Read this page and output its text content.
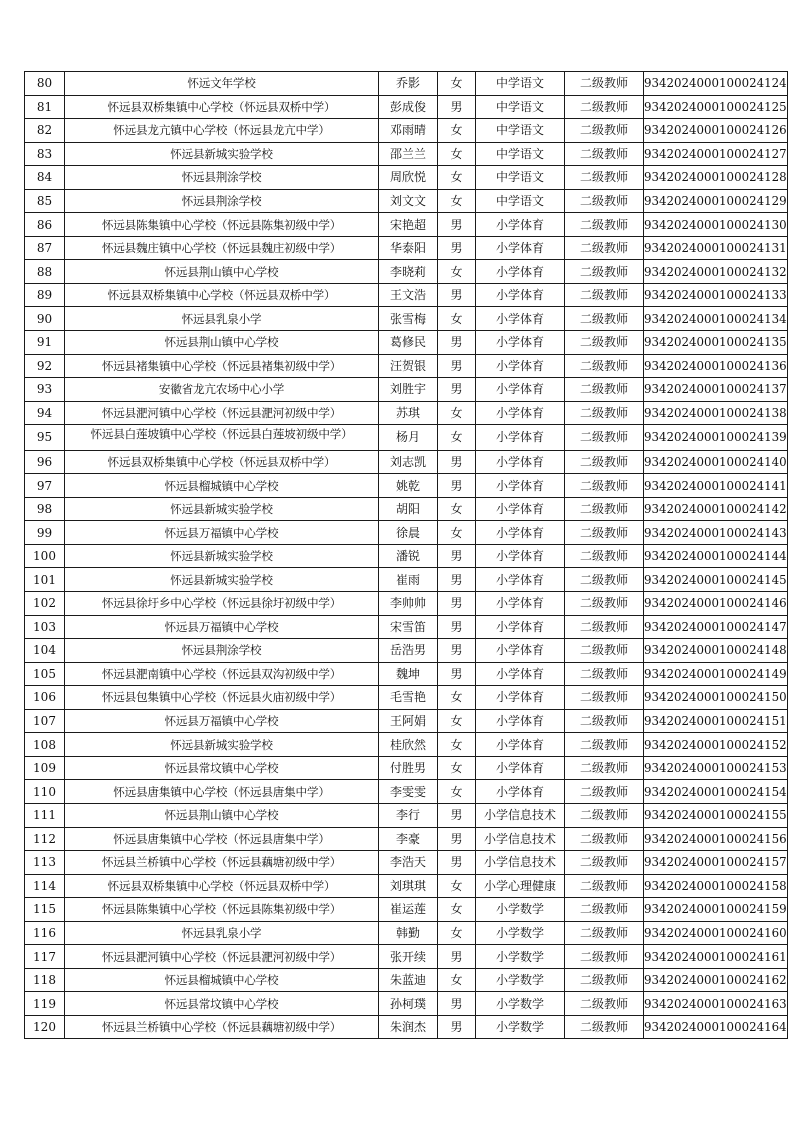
80	怀远文年学校	乔影	女	中学语文	二级教师	9342024000100024124
81	怀远县双桥集镇中心学校（怀远县双桥中学）	彭成俊	男	中学语文	二级教师	9342024000100024125
82	怀远县龙亢镇中心学校（怀远县龙亢中学）	邓雨晴	女	中学语文	二级教师	9342024000100024126
83	怀远县新城实验学校	邵兰兰	女	中学语文	二级教师	9342024000100024127
84	怀远县荆涂学校	周欣悦	女	中学语文	二级教师	9342024000100024128
85	怀远县荆涂学校	刘文文	女	中学语文	二级教师	9342024000100024129
86	怀远县陈集镇中心学校（怀远县陈集初级中学）	宋艳超	男	小学体育	二级教师	9342024000100024130
87	怀远县魏庄镇中心学校（怀远县魏庄初级中学）	华泰阳	男	小学体育	二级教师	9342024000100024131
88	怀远县荆山镇中心学校	李晓莉	女	小学体育	二级教师	9342024000100024132
89	怀远县双桥集镇中心学校（怀远县双桥中学）	王文浩	男	小学体育	二级教师	9342024000100024133
90	怀远县乳泉小学	张雪梅	女	小学体育	二级教师	9342024000100024134
91	怀远县荆山镇中心学校	葛修民	男	小学体育	二级教师	9342024000100024135
92	怀远县褚集镇中心学校（怀远县褚集初级中学）	汪贺银	男	小学体育	二级教师	9342024000100024136
93	安徽省龙亢农场中心小学	刘胜宇	男	小学体育	二级教师	9342024000100024137
94	怀远县淝河镇中心学校（怀远县淝河初级中学）	苏琪	女	小学体育	二级教师	9342024000100024138
95	怀远县白莲坡镇中心学校（怀远县白莲坡初级中学）	杨月	女	小学体育	二级教师	9342024000100024139
96	怀远县双桥集镇中心学校（怀远县双桥中学）	刘志凯	男	小学体育	二级教师	9342024000100024140
97	怀远县榴城镇中心学校	姚乾	男	小学体育	二级教师	9342024000100024141
98	怀远县新城实验学校	胡阳	女	小学体育	二级教师	9342024000100024142
99	怀远县万福镇中心学校	徐晨	女	小学体育	二级教师	9342024000100024143
100	怀远县新城实验学校	潘锐	男	小学体育	二级教师	9342024000100024144
101	怀远县新城实验学校	崔雨	男	小学体育	二级教师	9342024000100024145
102	怀远县徐圩乡中心学校（怀远县徐圩初级中学）	李帅帅	男	小学体育	二级教师	9342024000100024146
103	怀远县万福镇中心学校	宋雪笛	男	小学体育	二级教师	9342024000100024147
104	怀远县荆涂学校	岳浩男	男	小学体育	二级教师	9342024000100024148
105	怀远县淝南镇中心学校（怀远县双沟初级中学）	魏坤	男	小学体育	二级教师	9342024000100024149
106	怀远县包集镇中心学校（怀远县火庙初级中学）	毛雪艳	女	小学体育	二级教师	9342024000100024150
107	怀远县万福镇中心学校	王阿娟	女	小学体育	二级教师	9342024000100024151
108	怀远县新城实验学校	桂欣然	女	小学体育	二级教师	9342024000100024152
109	怀远县常坟镇中心学校	付胜男	女	小学体育	二级教师	9342024000100024153
110	怀远县唐集镇中心学校（怀远县唐集中学）	李雯雯	女	小学体育	二级教师	9342024000100024154
111	怀远县荆山镇中心学校	李行	男	小学信息技术	二级教师	9342024000100024155
112	怀远县唐集镇中心学校（怀远县唐集中学）	李豪	男	小学信息技术	二级教师	9342024000100024156
113	怀远县兰桥镇中心学校（怀远县藕塘初级中学）	李浩天	男	小学信息技术	二级教师	9342024000100024157
114	怀远县双桥集镇中心学校（怀远县双桥中学）	刘琪琪	女	小学心理健康	二级教师	9342024000100024158
115	怀远县陈集镇中心学校（怀远县陈集初级中学）	崔运莲	女	小学数学	二级教师	9342024000100024159
116	怀远县乳泉小学	韩勤	女	小学数学	二级教师	9342024000100024160
117	怀远县淝河镇中心学校（怀远县淝河初级中学）	张开续	男	小学数学	二级教师	9342024000100024161
118	怀远县榴城镇中心学校	朱蓝迪	女	小学数学	二级教师	9342024000100024162
119	怀远县常坟镇中心学校	孙柯璞	男	小学数学	二级教师	9342024000100024163
120	怀远县兰桥镇中心学校（怀远县藕塘初级中学）	朱润杰	男	小学数学	二级教师	9342024000100024164
